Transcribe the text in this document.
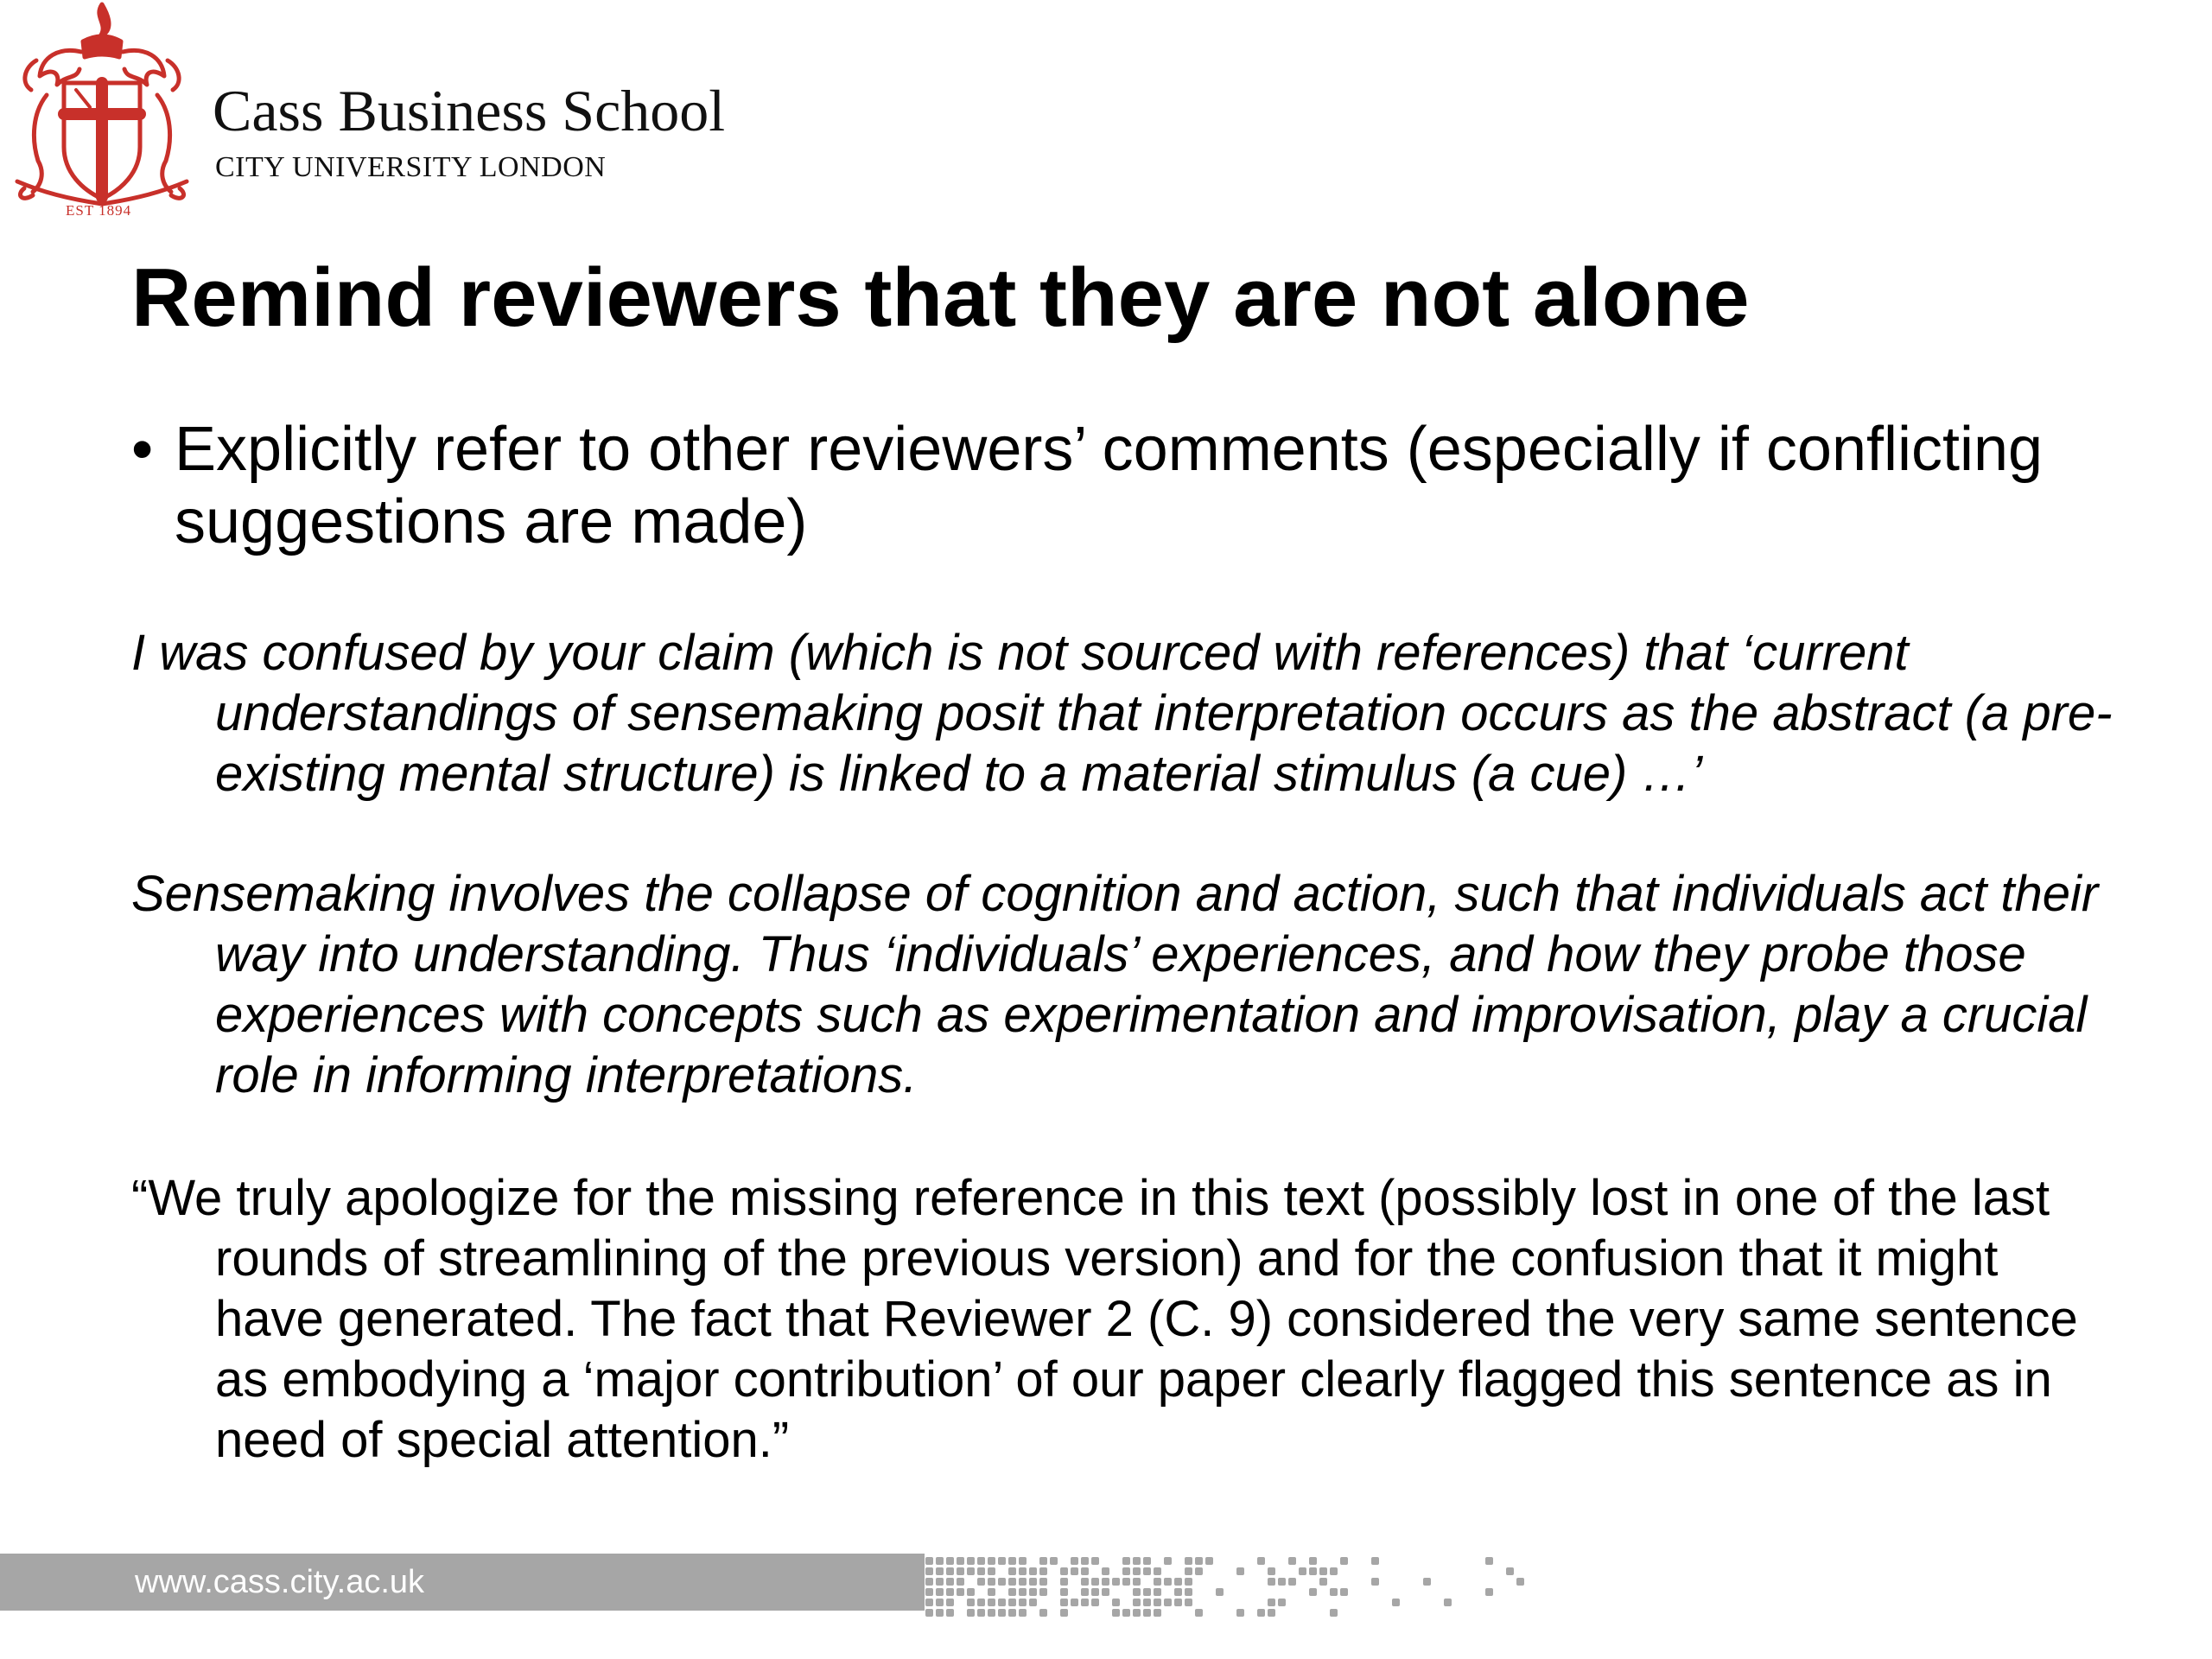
EST 1894
Cass Business School
CITY UNIVERSITY LONDON
Remind reviewers that they are not alone
• Explicitly refer to other reviewers’ comments (especially if conflicting suggestions are made)
I was confused by your claim (which is not sourced with references) that ‘current understandings of sensemaking posit that interpretation occurs as the abstract (a pre-existing mental structure) is linked to a material stimulus (a cue) …’
Sensemaking involves the collapse of cognition and action, such that individuals act their way into understanding. Thus ‘individuals’ experiences, and how they probe those experiences with concepts such as experimentation and improvisation, play a crucial role in informing interpretations.
“We truly apologize for the missing reference in this text (possibly lost in one of the last rounds of streamlining of the previous version) and for the confusion that it might have generated. The fact that Reviewer 2 (C. 9) considered the very same sentence as embodying a ‘major contribution’ of our paper clearly flagged this sentence as in need of special attention.”
www.cass.city.ac.uk
